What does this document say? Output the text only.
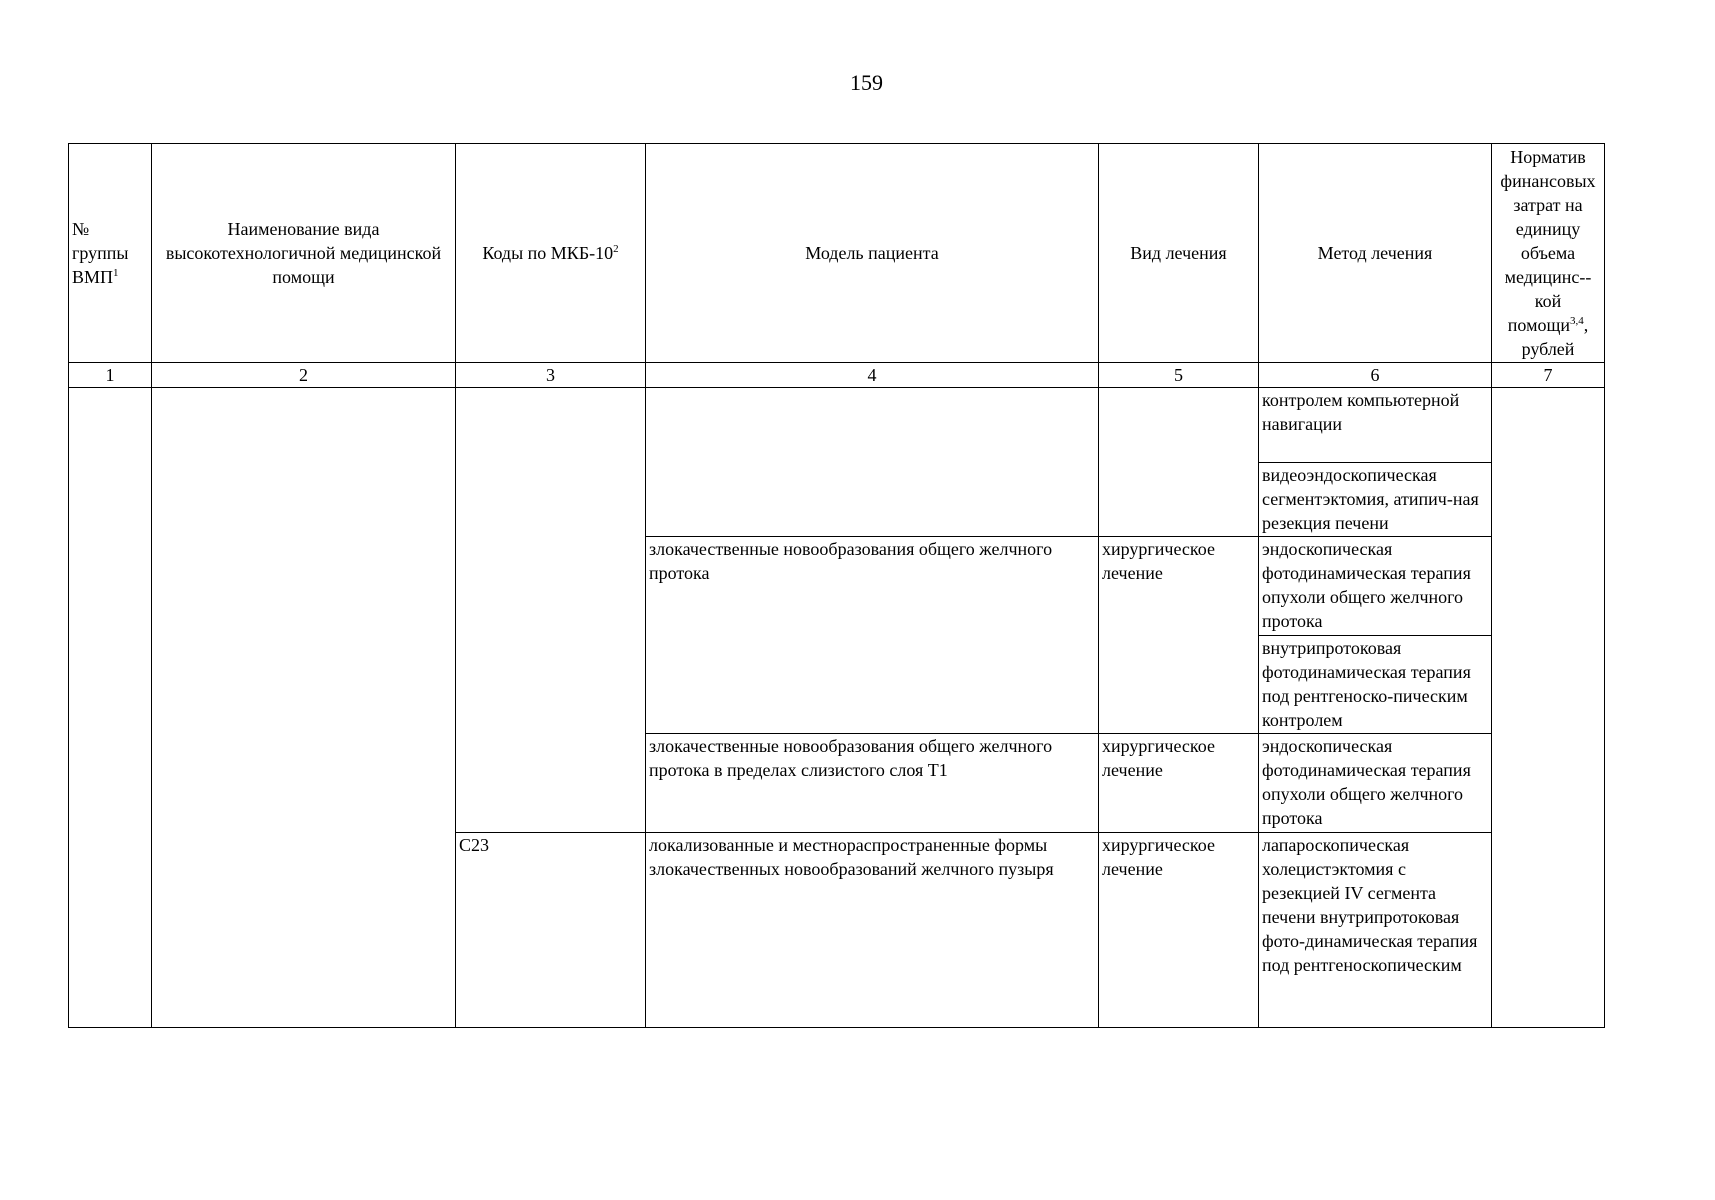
159
№ группы ВМП$^1$	Наименование вида высокотехнологичной медицинской помощи	Коды по МКБ-$10^2$	Модель пациента	Вид лечения	Метод лечения	Норматив финансовых затрат на единицу объема медицинс--кой помощи$^{3,4}$, рублей
1	2	3	4	5	6	7
					контролем компьютерной навигации	
					видеоэндоскопическая сегментэктомия, атипич-ная резекция печени	
			злокачественные новообразования общего желчного протока	хирургическое лечение	эндоскопическая фотодинамическая терапия опухоли общего желчного протока	
					внутрипротоковая фотодинамическая терапия под рентгеноско-пическим контролем	
			злокачественные новообразования общего желчного протока в пределах слизистого слоя Т1	хирургическое лечение	эндоскопическая фотодинамическая терапия опухоли общего желчного протока	
		С23	локализованные и местнораспространенные формы злокачественных новообразований желчного пузыря	хирургическое лечение	лапароскопическая холецистэктомия с резекцией IV сегмента печени внутрипротоковая фото-динамическая терапия под рентгеноскопическим	
